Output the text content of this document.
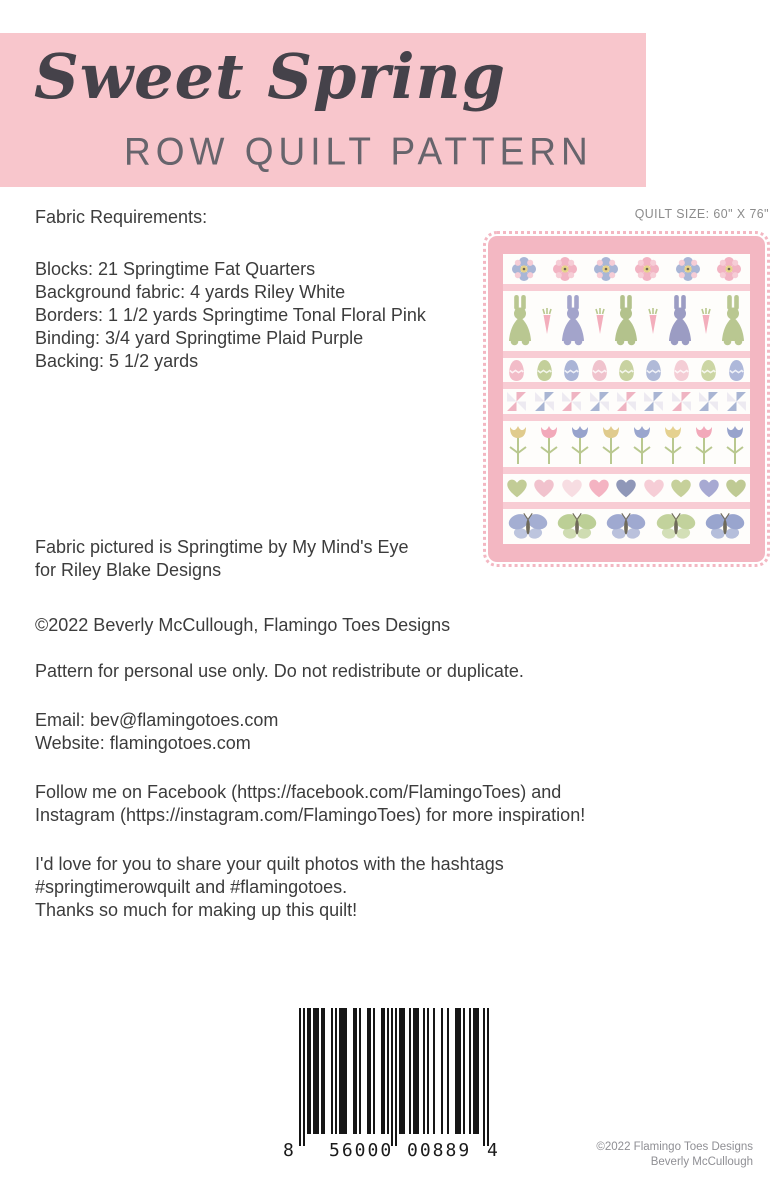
Sweet Spring
ROW QUILT PATTERN
Fabric Requirements:
Blocks: 21 Springtime Fat Quarters
Background fabric: 4 yards Riley White
Borders: 1 1/2 yards Springtime Tonal Floral Pink
Binding: 3/4 yard Springtime Plaid Purple
Backing: 5 1/2 yards
QUILT SIZE: 60" X 76"
Fabric pictured is Springtime by My Mind's Eye
for Riley Blake Designs
©2022 Beverly McCullough, Flamingo Toes Designs
Pattern for personal use only. Do not redistribute or duplicate.
Email: bev@flamingotoes.com
Website: flamingotoes.com
Follow me on Facebook (https://facebook.com/FlamingoToes) and
Instagram (https://instagram.com/FlamingoToes) for more inspiration!
I'd love for you to share your quilt photos with the hashtags
#springtimerowquilt and #flamingotoes.
Thanks so much for making up this quilt!
8 56000 00889 4	©2022 Flamingo Toes Designs
Beverly McCullough
